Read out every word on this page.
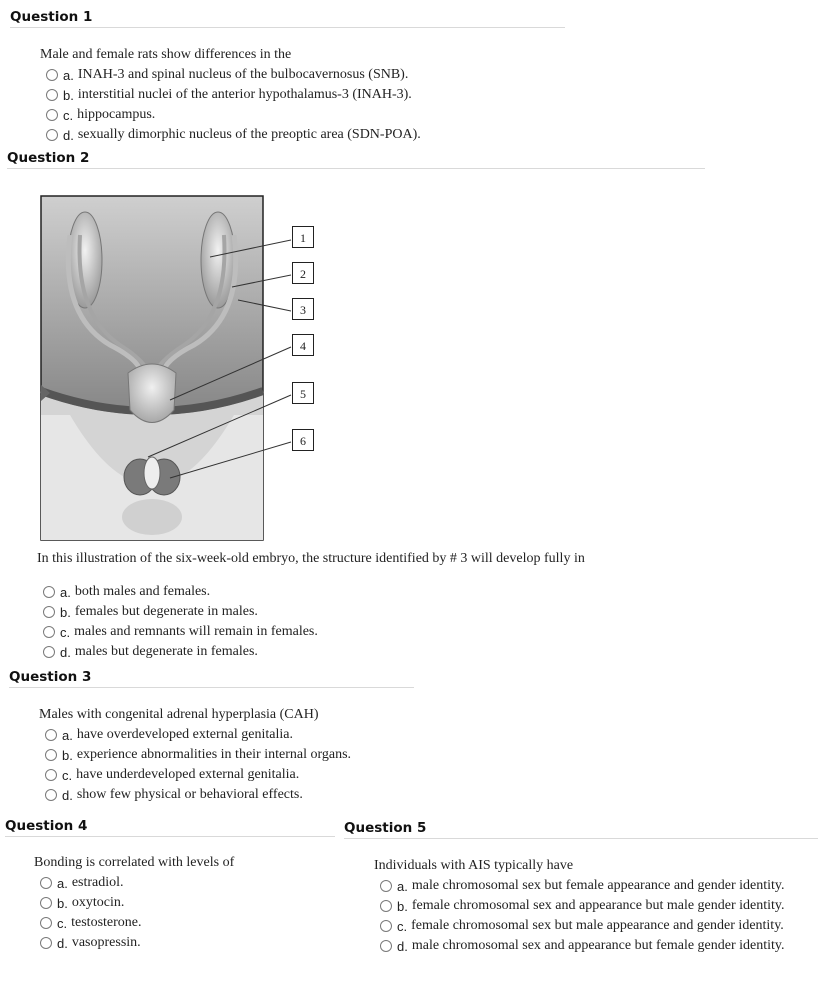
Question 1
Male and female rats show differences in the
a. INAH-3 and spinal nucleus of the bulbocavernosus (SNB).
b. interstitial nuclei of the anterior hypothalamus-3 (INAH-3).
c. hippocampus.
d. sexually dimorphic nucleus of the preoptic area (SDN-POA).
Question 2
1
2
3
4
5
6
In this illustration of the six-week-old embryo, the structure identified by # 3 will develop fully in
a. both males and females.
b. females but degenerate in males.
c. males and remnants will remain in females.
d. males but degenerate in females.
Question 3
Males with congenital adrenal hyperplasia (CAH)
a. have overdeveloped external genitalia.
b. experience abnormalities in their internal organs.
c. have underdeveloped external genitalia.
d. show few physical or behavioral effects.
Question 4
Bonding is correlated with levels of
a. estradiol.
b. oxytocin.
c. testosterone.
d. vasopressin.
Question 5
Individuals with AIS typically have
a. male chromosomal sex but female appearance and gender identity.
b. female chromosomal sex and appearance but male gender identity.
c. female chromosomal sex but male appearance and gender identity.
d. male chromosomal sex and appearance but female gender identity.
